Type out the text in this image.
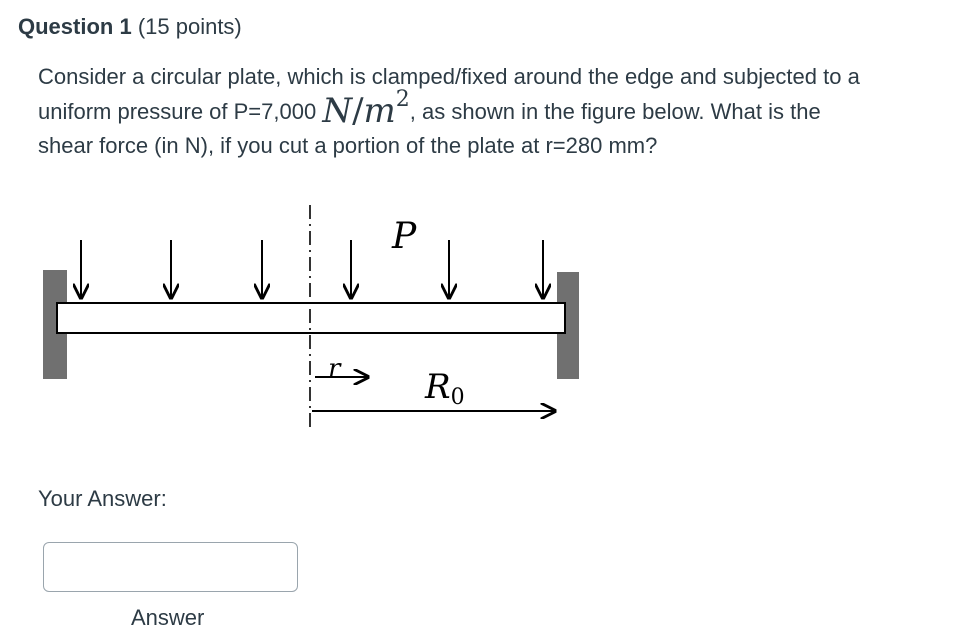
Question 1 (15 points)
Consider a circular plate, which is clamped/fixed around the edge and subjected to a
uniform pressure of P=7,000 $N/m^2$, as shown in the figure below. What is the
shear force (in N), if you cut a portion of the plate at r=280 mm?
P
r R0
Your Answer:
Answer
